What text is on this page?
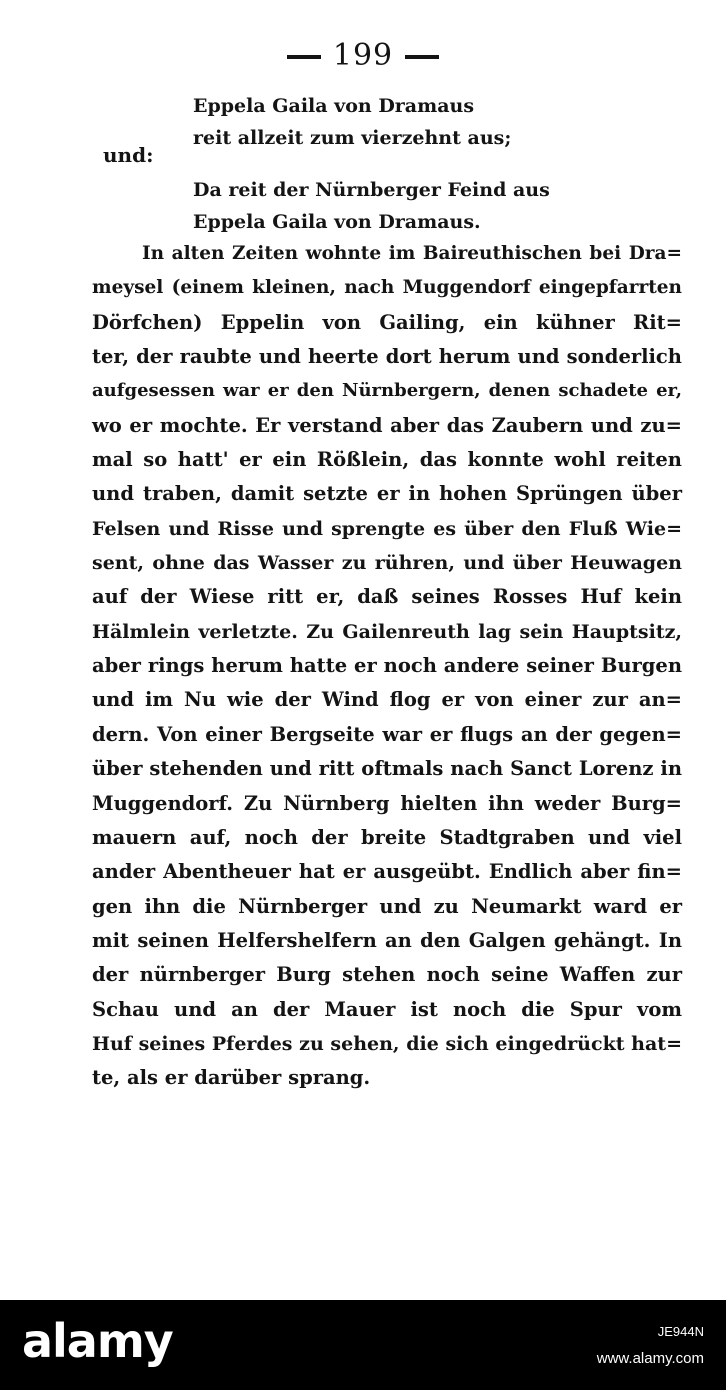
199
Eppela Gaila von Dramaus
reit allzeit zum vierzehnt aus;
und:
Da reit der Nürnberger Feind aus
Eppela Gaila von Dramaus.
In alten Zeiten wohnte im Baireuthischen bei Dra=
meysel (einem kleinen, nach Muggendorf eingepfarrten
Dörfchen) Eppelin von Gailing, ein kühner Rit=
ter, der raubte und heerte dort herum und sonderlich
aufgesessen war er den Nürnbergern, denen schadete er,
wo er mochte. Er verstand aber das Zaubern und zu=
mal so hatt' er ein Rößlein, das konnte wohl reiten
und traben, damit setzte er in hohen Sprüngen über
Felsen und Risse und sprengte es über den Fluß Wie=
sent, ohne das Wasser zu rühren, und über Heuwagen
auf der Wiese ritt er, daß seines Rosses Huf kein
Hälmlein verletzte. Zu Gailenreuth lag sein Hauptsitz,
aber rings herum hatte er noch andere seiner Burgen
und im Nu wie der Wind flog er von einer zur an=
dern. Von einer Bergseite war er flugs an der gegen=
über stehenden und ritt oftmals nach Sanct Lorenz in
Muggendorf. Zu Nürnberg hielten ihn weder Burg=
mauern auf, noch der breite Stadtgraben und viel
ander Abentheuer hat er ausgeübt. Endlich aber fin=
gen ihn die Nürnberger und zu Neumarkt ward er
mit seinen Helfershelfern an den Galgen gehängt. In
der nürnberger Burg stehen noch seine Waffen zur
Schau und an der Mauer ist noch die Spur vom
Huf seines Pferdes zu sehen, die sich eingedrückt hat=
te, als er darüber sprang.
alamy	JE944N
www.alamy.com
